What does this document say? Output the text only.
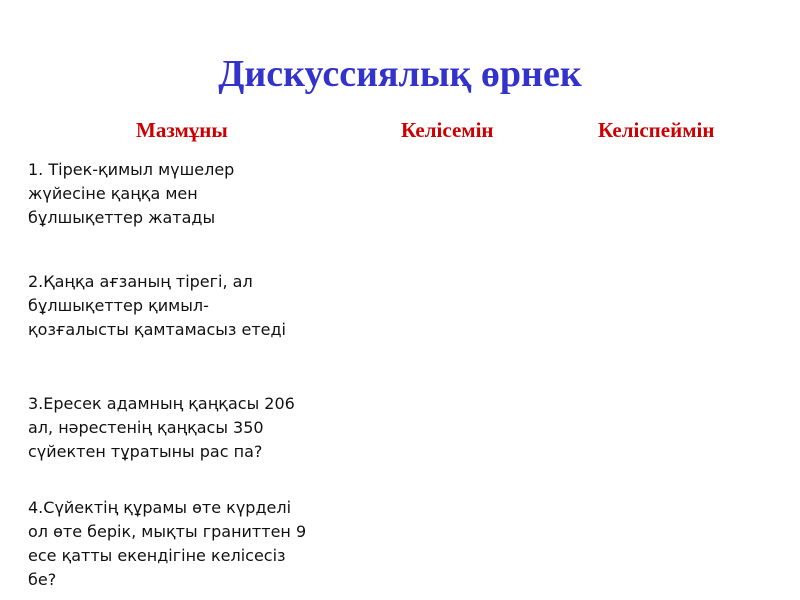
Дискуссиялық өрнек
Мазмұны	Келісемін	Келіспеймін
1. Тірек-қимыл мүшелер
жүйесіне қаңқа мен
бұлшықеттер жатады
2.Қаңқа ағзаның тірегі, ал
бұлшықеттер қимыл-
қозғалысты қамтамасыз етеді
3.Ересек адамның қаңқасы 206
ал, нәрестенің қаңқасы 350
сүйектен тұратыны рас па?
4.Сүйектің құрамы өте күрделі
ол өте берік, мықты граниттен 9
есе қатты екендігіне келісесіз
бе?
